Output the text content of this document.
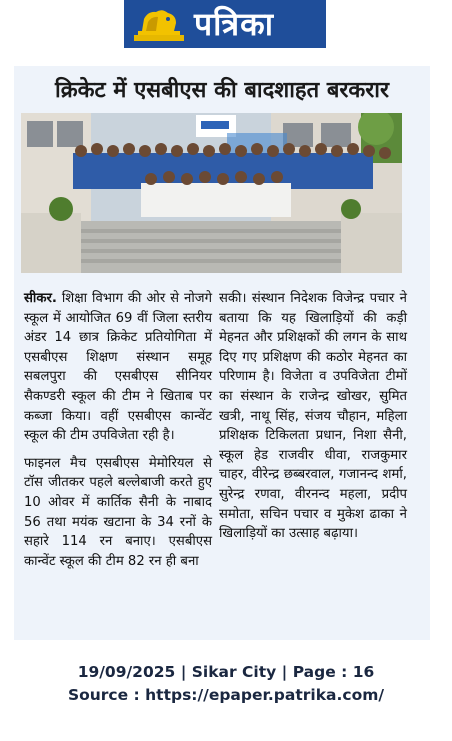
पत्रिका
क्रिकेट में एसबीएस की बादशाहत बरकरार

सीकर. शिक्षा विभाग की ओर से नोजगे स्कूल में आयोजित 69 वीं जिला स्तरीय अंडर 14 छात्र क्रिकेट प्रतियोगिता में एसबीएस शिक्षण संस्थान समूह सबलपुरा की एसबीएस सीनियर सैकण्डरी स्कूल की टीम ने खिताब पर कब्जा किया। वहीं एसबीएस कान्वेंट स्कूल की टीम उपविजेता रही है।

फाइनल मैच एसबीएस मेमोरियल से टॉस जीतकर पहले बल्लेबाजी करते हुए 10 ओवर में कार्तिक सैनी के नाबाद 56 तथा मयंक खटाना के 34 रनों के सहारे 114 रन बनाए। एसबीएस कान्वेंट स्कूल की टीम 82 रन ही बना

सकी। संस्थान निदेशक विजेन्द्र पचार ने बताया कि यह खिलाड़ियों की कड़ी मेहनत और प्रशिक्षकों की लगन के साथ दिए गए प्रशिक्षण की कठोर मेहनत का परिणाम है। विजेता व उपविजेता टीमों का संस्थान के राजेन्द्र खोखर, सुमित खत्री, नाथू सिंह, संजय चौहान, महिला प्रशिक्षक टिकिलता प्रधान, निशा सैनी, स्कूल हेड राजवीर धीवा, राजकुमार चाहर, वीरेन्द्र छब्बरवाल, गजानन्द शर्मा, सुरेन्द्र रणवा, वीरनन्द महला, प्रदीप समोता, सचिन पचार व मुकेश ढाका ने खिलाड़ियों का उत्साह बढ़ाया।

19/09/2025 | Sikar City | Page : 16
Source : https://epaper.patrika.com/
